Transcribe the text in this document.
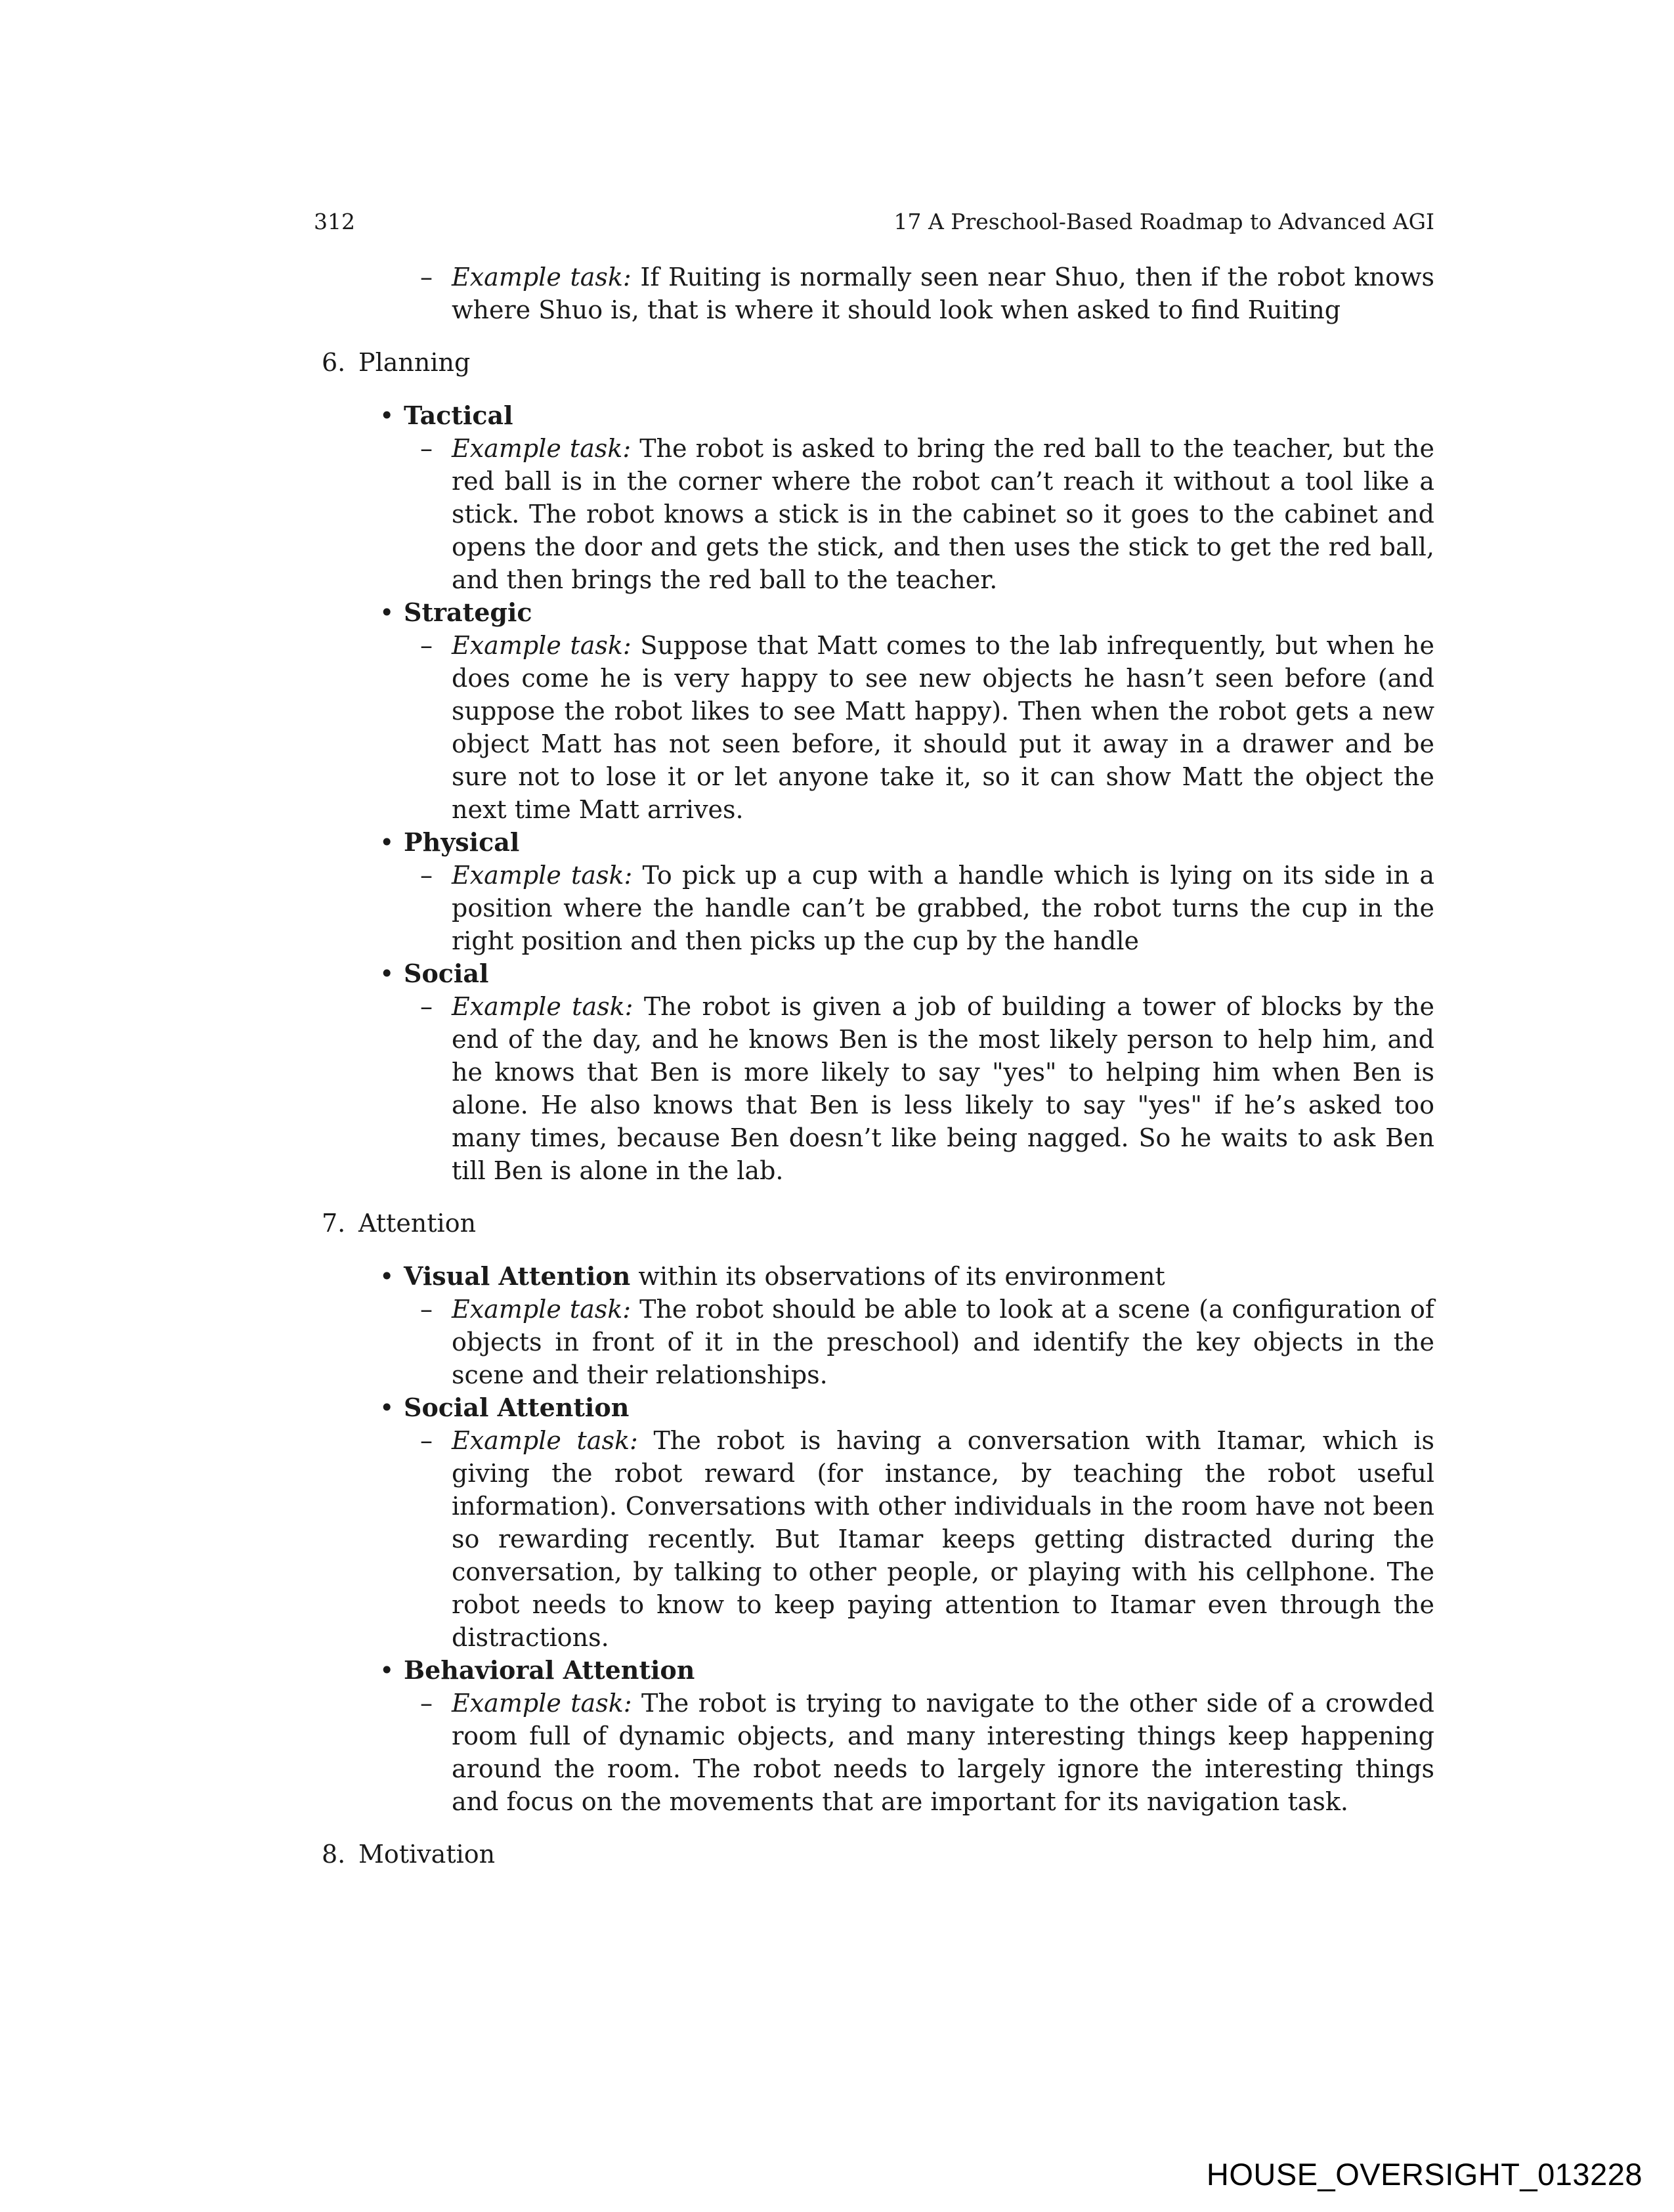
312	17 A Preschool-Based Roadmap to Advanced AGI
– Example task: If Ruiting is normally seen near Shuo, then if the robot knows where Shuo is, that is where it should look when asked to find Ruiting
6. Planning
• Tactical
– Example task: The robot is asked to bring the red ball to the teacher, but the red ball is in the corner where the robot can’t reach it without a tool like a stick. The robot knows a stick is in the cabinet so it goes to the cabinet and opens the door and gets the stick, and then uses the stick to get the red ball, and then brings the red ball to the teacher.
• Strategic
– Example task: Suppose that Matt comes to the lab infrequently, but when he does come he is very happy to see new objects he hasn’t seen before (and suppose the robot likes to see Matt happy). Then when the robot gets a new object Matt has not seen before, it should put it away in a drawer and be sure not to lose it or let anyone take it, so it can show Matt the object the next time Matt arrives.
• Physical
– Example task: To pick up a cup with a handle which is lying on its side in a position where the handle can’t be grabbed, the robot turns the cup in the right position and then picks up the cup by the handle
• Social
– Example task: The robot is given a job of building a tower of blocks by the end of the day, and he knows Ben is the most likely person to help him, and he knows that Ben is more likely to say "yes" to helping him when Ben is alone. He also knows that Ben is less likely to say "yes" if he’s asked too many times, because Ben doesn’t like being nagged. So he waits to ask Ben till Ben is alone in the lab.
7. Attention
• Visual Attention within its observations of its environment
– Example task: The robot should be able to look at a scene (a configuration of objects in front of it in the preschool) and identify the key objects in the scene and their relationships.
• Social Attention
– Example task: The robot is having a conversation with Itamar, which is giving the robot reward (for instance, by teaching the robot useful information). Conversations with other individuals in the room have not been so rewarding recently. But Itamar keeps getting distracted during the conversation, by talking to other people, or playing with his cellphone. The robot needs to know to keep paying attention to Itamar even through the distractions.
• Behavioral Attention
– Example task: The robot is trying to navigate to the other side of a crowded room full of dynamic objects, and many interesting things keep happening around the room. The robot needs to largely ignore the interesting things and focus on the movements that are important for its navigation task.
8. Motivation
HOUSE_OVERSIGHT_013228
